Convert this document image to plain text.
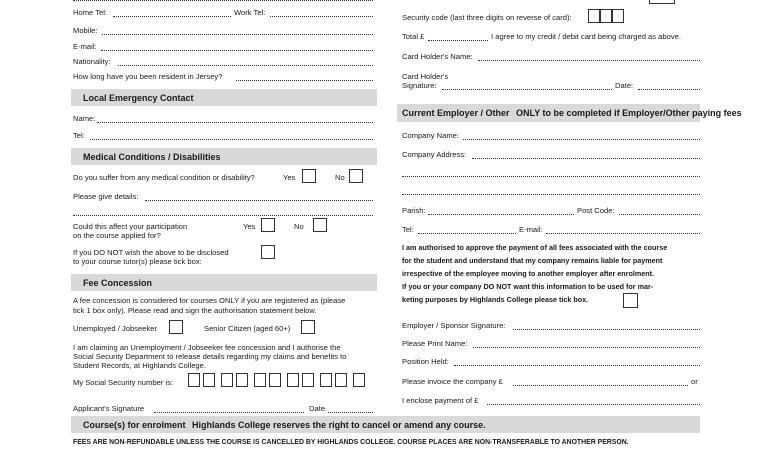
Home Tel:	Work Tel:
Mobile:
E-mail:
Nationality:
How long have you been resident in Jersey?
Local Emergency Contact
Name:
Tel:
Medical Conditions / Disabilities
Do you suffer from any medical condition or disability?	Yes	No
Please give details:
Could this affect your participation
on the course applied for?
Yes	No
If you DO NOT wish the above to be disclosed
to your course tutor(s) please tick box:
Fee Concession
A fee concession is considered for courses ONLY if you are registered as (please
tick 1 box only). Please read and sign the authorisation statement below.
Unemployed / Jobseeker	Senior Citizen (aged 60+)
I am claiming an Unemployment / Jobseeker fee concession and I authorise the
Social Security Department to release details regarding my claims and benefits to
Student Records, at Highlands College.
My Social Security number is:
Applicant's Signature	Date
Security code (last three digits on reverse of card):
Total £	I agree to my credit / debit card being charged as above.
Card Holder's Name:
Card Holder's
Signature:	Date:
Current Employer / Other ONLY to be completed if Employer/Other paying fees
Company Name:
Company Address:
Parish:	Post Code:
Tel:	E-mail:
I am authorised to approve the payment of all fees associated with the course
for the student and understand that my company remains liable for payment
irrespective of the employee moving to another employer after enrolment.
If you or your company DO NOT want this information to be used for mar-
keting purposes by Highlands College please tick box.
Employer / Sponsor Signature:
Please Print Name:
Position Held:
Please invoice the company £	or
I enclose payment of £
Course(s) for enrolment Highlands College reserves the right to cancel or amend any course.
FEES ARE NON-REFUNDABLE UNLESS THE COURSE IS CANCELLED BY HIGHLANDS COLLEGE. COURSE PLACES ARE NON-TRANSFERABLE TO ANOTHER PERSON.
